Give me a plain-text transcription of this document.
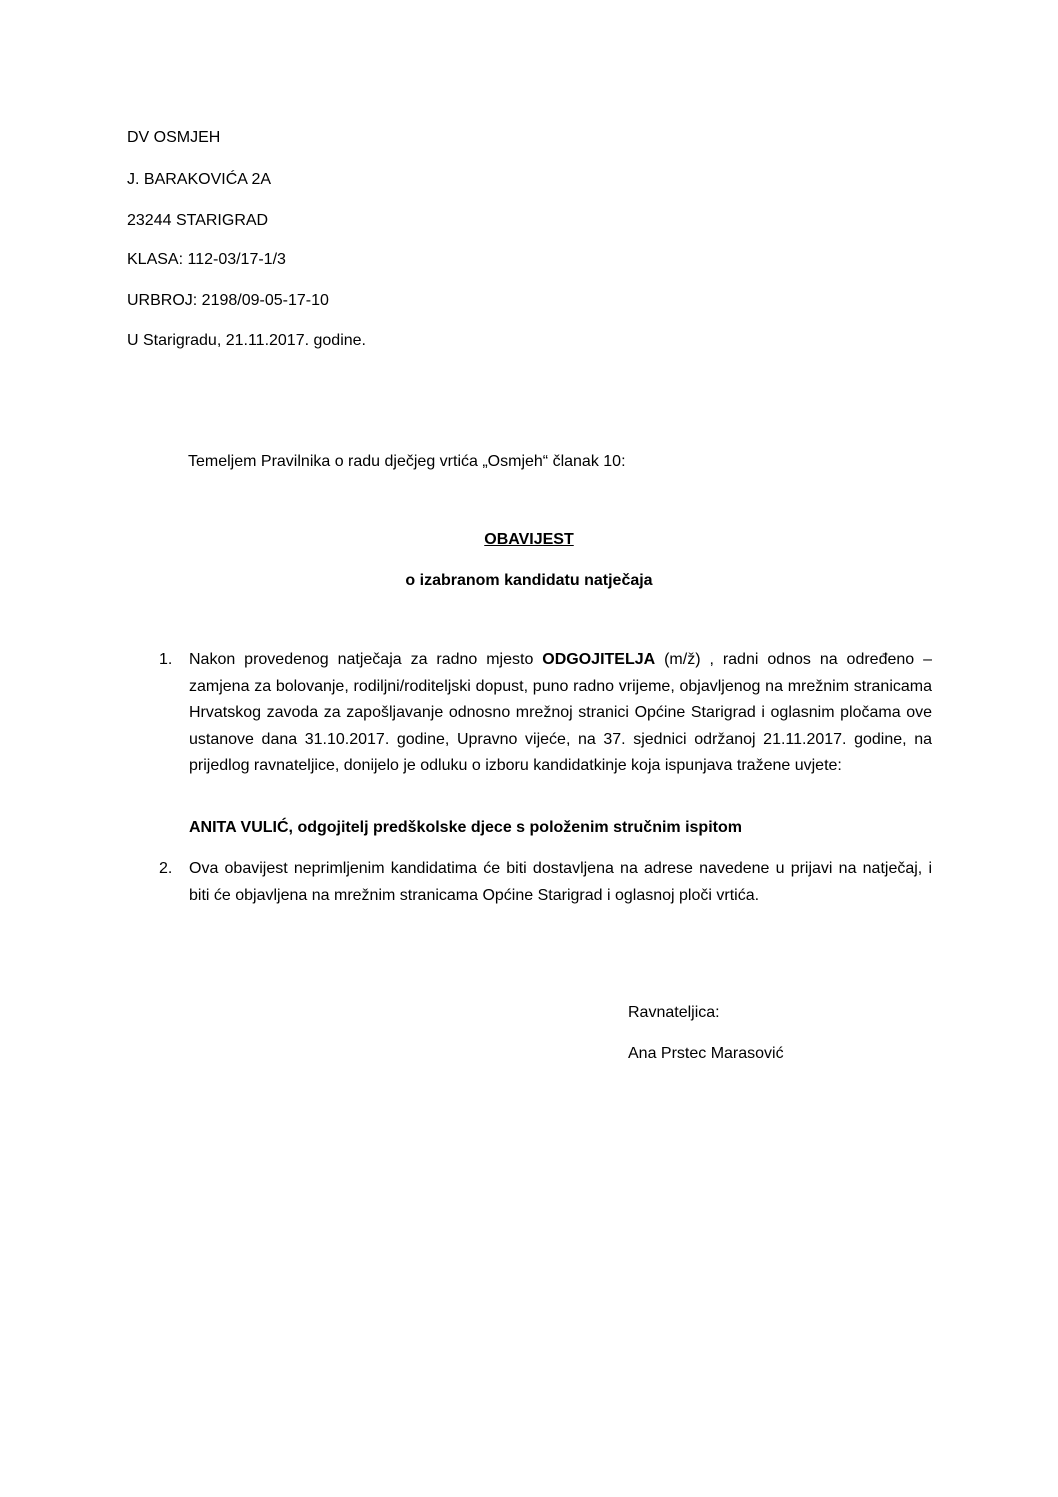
DV OSMJEH
J. BARAKOVIĆA 2A
23244 STARIGRAD
KLASA: 112-03/17-1/3
URBROJ: 2198/09-05-17-10
U Starigradu, 21.11.2017. godine.
Temeljem Pravilnika o radu dječjeg vrtića „Osmjeh“ članak 10:
OBAVIJEST
o izabranom kandidatu natječaja
1. Nakon provedenog natječaja za radno mjesto ODGOJITELJA (m/ž) , radni odnos na određeno – zamjena za bolovanje, rodiljni/roditeljski dopust, puno radno vrijeme, objavljenog na mrežnim stranicama Hrvatskog zavoda za zapošljavanje odnosno mrežnoj stranici Općine Starigrad i oglasnim pločama ove ustanove dana 31.10.2017. godine, Upravno vijeće, na 37. sjednici održanoj 21.11.2017. godine, na prijedlog ravnateljice, donijelo je odluku o izboru kandidatkinje koja ispunjava tražene uvjete:
ANITA VULIĆ, odgojitelj predškolske djece s položenim stručnim ispitom
2. Ova obavijest neprimljenim kandidatima će biti dostavljena na adrese navedene u prijavi na natječaj, i biti će objavljena na mrežnim stranicama Općine Starigrad i oglasnoj ploči vrtića.
Ravnateljica:
Ana Prstec Marasović
